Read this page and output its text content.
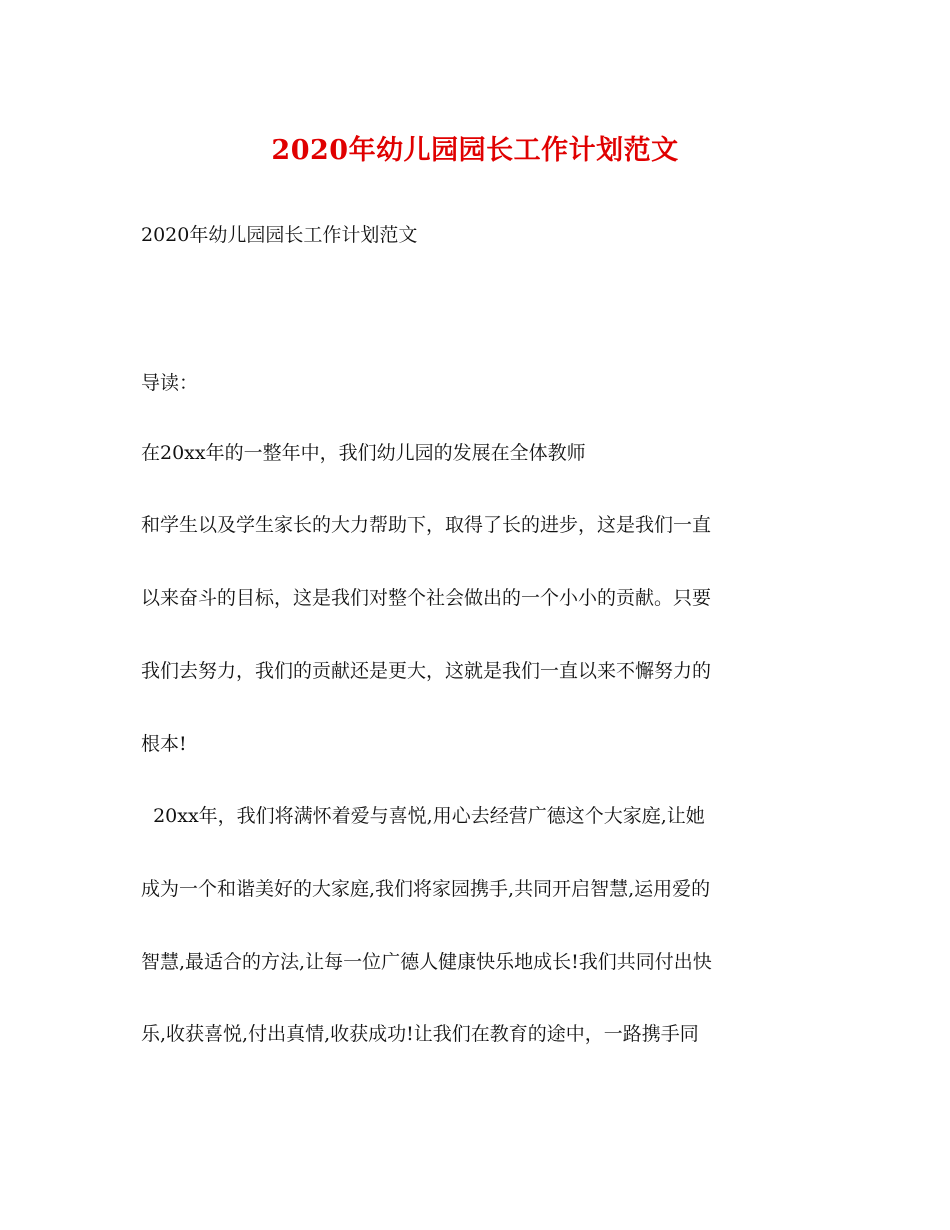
2020年幼儿园园长工作计划范文

2020年幼儿园园长工作计划范文

导读：

在20xx年的一整年中，我们幼儿园的发展在全体教师

和学生以及学生家长的大力帮助下，取得了长的进步，这是我们一直

以来奋斗的目标，这是我们对整个社会做出的一个小小的贡献。只要

我们去努力，我们的贡献还是更大，这就是我们一直以来不懈努力的

根本!

20xx年，我们将满怀着爱与喜悦,用心去经营广德这个大家庭,让她

成为一个和谐美好的大家庭,我们将家园携手,共同开启智慧,运用爱的

智慧,最适合的方法,让每一位广德人健康快乐地成长!我们共同付出快

乐,收获喜悦,付出真情,收获成功!让我们在教育的途中，一路携手同
